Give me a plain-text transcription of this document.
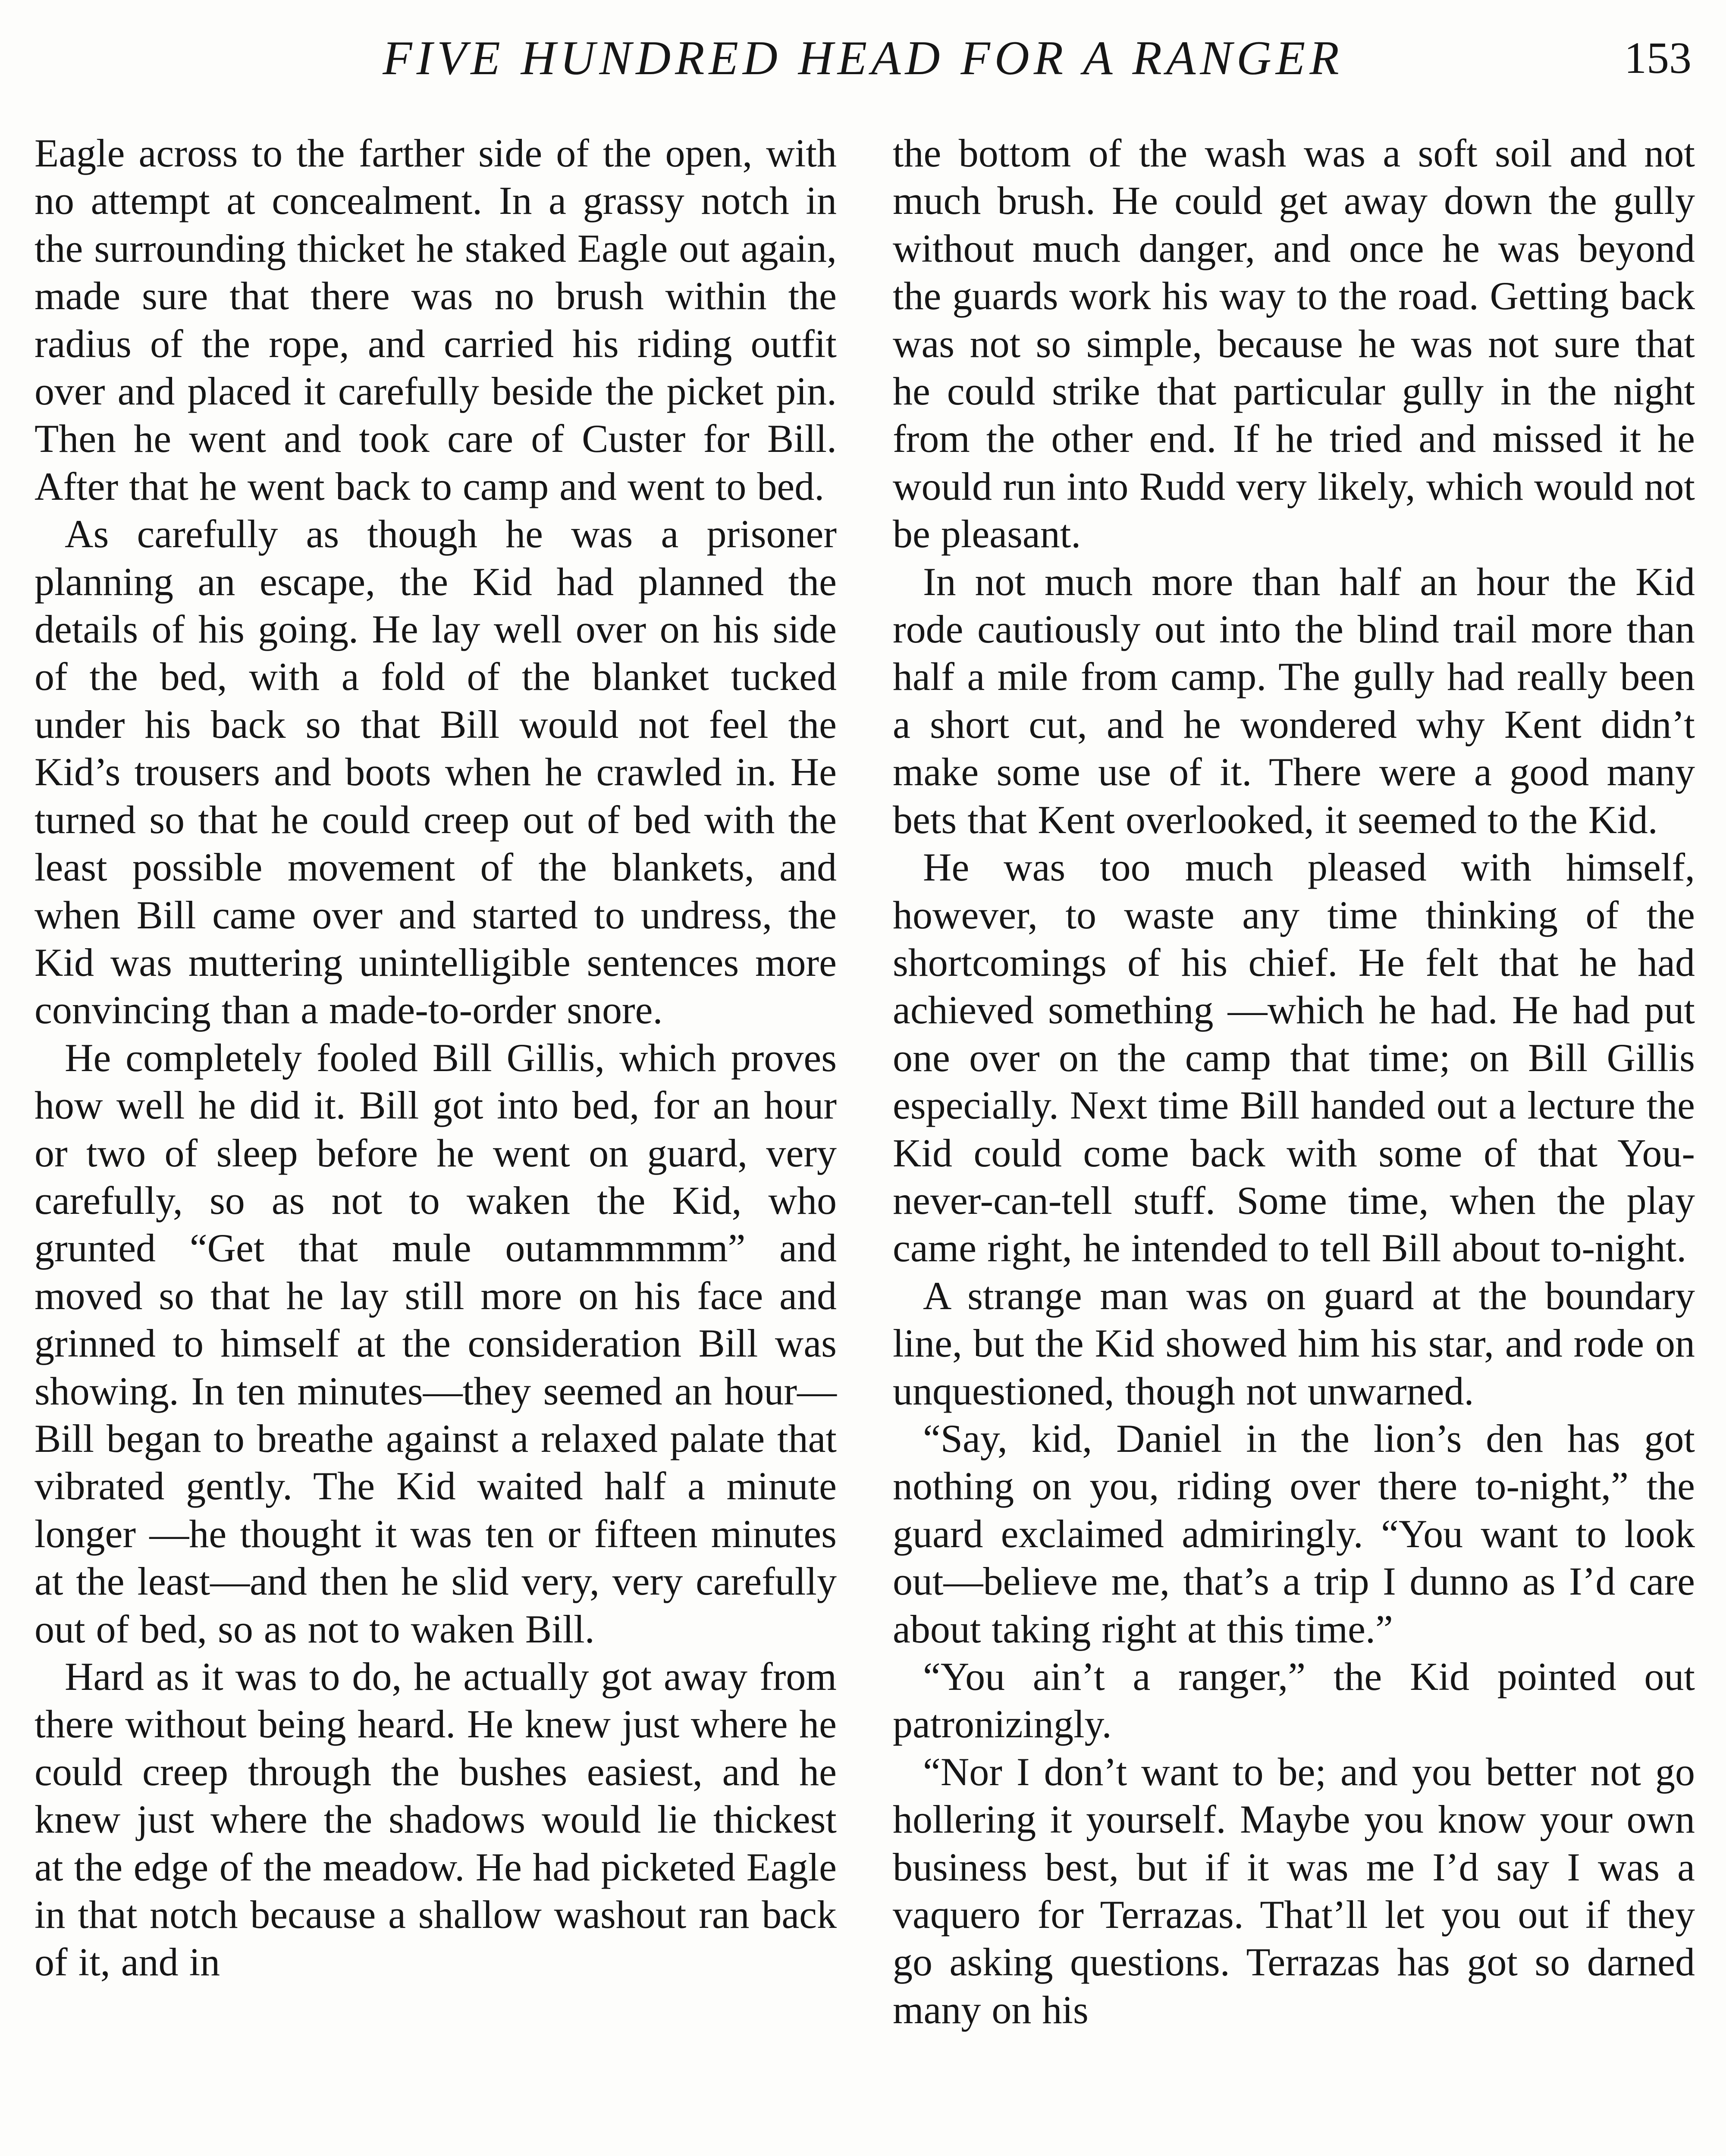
FIVE HUNDRED HEAD FOR A RANGER	153

Eagle across to the farther side of the open, with no attempt at concealment. In a grassy notch in the surrounding thicket he staked Eagle out again, made sure that there was no brush within the radius of the rope, and carried his riding outfit over and placed it carefully beside the picket pin. Then he went and took care of Custer for Bill. After that he went back to camp and went to bed.

As carefully as though he was a prisoner planning an escape, the Kid had planned the details of his going. He lay well over on his side of the bed, with a fold of the blanket tucked under his back so that Bill would not feel the Kid’s trousers and boots when he crawled in. He turned so that he could creep out of bed with the least possible movement of the blankets, and when Bill came over and started to undress, the Kid was muttering unintelligible sentences more convincing than a made-to-order snore.

He completely fooled Bill Gillis, which proves how well he did it. Bill got into bed, for an hour or two of sleep before he went on guard, very carefully, so as not to waken the Kid, who grunted “Get that mule outammmmm” and moved so that he lay still more on his face and grinned to himself at the consideration Bill was showing. In ten minutes—they seemed an hour—Bill began to breathe against a relaxed palate that vibrated gently. The Kid waited half a minute longer —he thought it was ten or fifteen minutes at the least—and then he slid very, very carefully out of bed, so as not to waken Bill.

Hard as it was to do, he actually got away from there without being heard. He knew just where he could creep through the bushes easiest, and he knew just where the shadows would lie thickest at the edge of the meadow. He had picketed Eagle in that notch because a shallow washout ran back of it, and in

the bottom of the wash was a soft soil and not much brush. He could get away down the gully without much danger, and once he was beyond the guards work his way to the road. Getting back was not so simple, because he was not sure that he could strike that particular gully in the night from the other end. If he tried and missed it he would run into Rudd very likely, which would not be pleasant.

In not much more than half an hour the Kid rode cautiously out into the blind trail more than half a mile from camp. The gully had really been a short cut, and he wondered why Kent didn’t make some use of it. There were a good many bets that Kent overlooked, it seemed to the Kid.

He was too much pleased with himself, however, to waste any time thinking of the shortcomings of his chief. He felt that he had achieved something —which he had. He had put one over on the camp that time; on Bill Gillis especially. Next time Bill handed out a lecture the Kid could come back with some of that You-never-can-tell stuff. Some time, when the play came right, he intended to tell Bill about to-night.

A strange man was on guard at the boundary line, but the Kid showed him his star, and rode on unquestioned, though not unwarned.

“Say, kid, Daniel in the lion’s den has got nothing on you, riding over there to-night,” the guard exclaimed admiringly. “You want to look out—believe me, that’s a trip I dunno as I’d care about taking right at this time.”

“You ain’t a ranger,” the Kid pointed out patronizingly.

“Nor I don’t want to be; and you better not go hollering it yourself. Maybe you know your own business best, but if it was me I’d say I was a vaquero for Terrazas. That’ll let you out if they go asking questions. Terrazas has got so darned many on his
